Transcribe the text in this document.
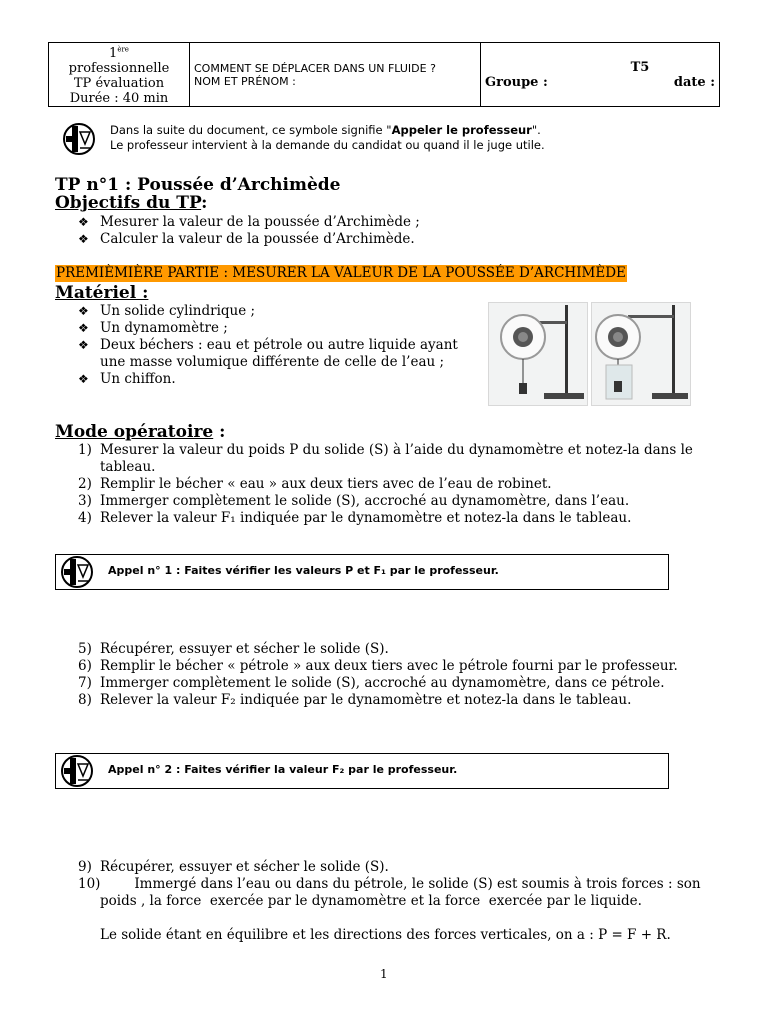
1ère
professionnelle
TP évaluation
Durée : 40 min

COMMENT SE DÉPLACER DANS UN FLUIDE ?
NOM ET PRÉNOM :

T5
Groupe :	date :
Dans la suite du document, ce symbole signifie "Appeler le professeur".
Le professeur intervient à la demande du candidat ou quand il le juge utile.
TP n°1 : Poussée d’Archimède
Objectifs du TP:
❖ Mesurer la valeur de la poussée d’Archimède ;
❖ Calculer la valeur de la poussée d’Archimède.
PREMIÈMIÈRE PARTIE : MESURER LA VALEUR DE LA POUSSÉE D’ARCHIMÈDE
Matériel :
❖ Un solide cylindrique ;
❖ Un dynamomètre ;
❖ Deux béchers : eau et pétrole ou autre liquide ayant une masse volumique différente de celle de l’eau ;
❖ Un chiffon.
Mode opératoire :
1) Mesurer la valeur du poids P du solide (S) à l’aide du dynamomètre et notez-la dans le tableau.
2) Remplir le bécher « eau » aux deux tiers avec de l’eau de robinet.
3) Immerger complètement le solide (S), accroché au dynamomètre, dans l’eau.
4) Relever la valeur F₁ indiquée par le dynamomètre et notez-la dans le tableau.
Appel n° 1 : Faites vérifier les valeurs P et F₁ par le professeur.
5) Récupérer, essuyer et sécher le solide (S).
6) Remplir le bécher « pétrole » aux deux tiers avec le pétrole fourni par le professeur.
7) Immerger complètement le solide (S), accroché au dynamomètre, dans ce pétrole.
8) Relever la valeur F₂ indiquée par le dynamomètre et notez-la dans le tableau.
Appel n° 2 : Faites vérifier la valeur F₂ par le professeur.
9) Récupérer, essuyer et sécher le solide (S).
10) Immergé dans l’eau ou dans du pétrole, le solide (S) est soumis à trois forces : son poids , la force  exercée par le dynamomètre et la force  exercée par le liquide.
Le solide étant en équilibre et les directions des forces verticales, on a : P = F + R.
1
